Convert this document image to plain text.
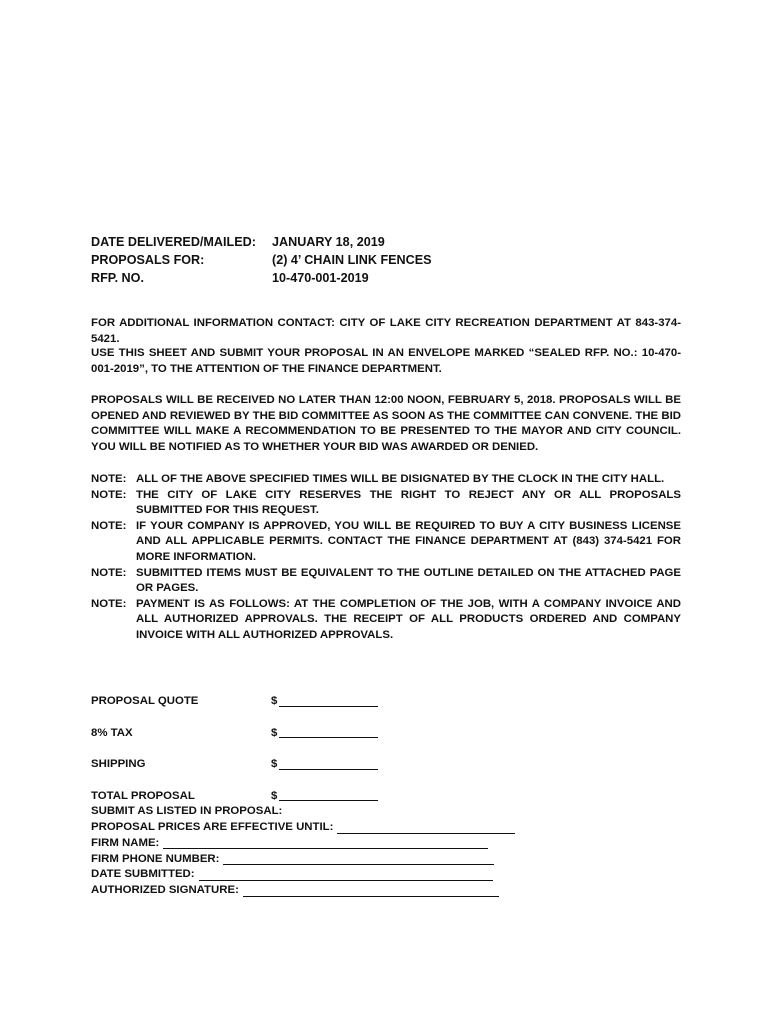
DATE DELIVERED/MAILED:	JANUARY 18, 2019
PROPOSALS FOR:	(2) 4’ CHAIN LINK FENCES
RFP. NO.	10-470-001-2019
FOR ADDITIONAL INFORMATION CONTACT: CITY OF LAKE CITY RECREATION DEPARTMENT AT 843-374-5421.
USE THIS SHEET AND SUBMIT YOUR PROPOSAL IN AN ENVELOPE MARKED “SEALED RFP. NO.: 10-470-001-2019”, TO THE ATTENTION OF THE FINANCE DEPARTMENT.
PROPOSALS WILL BE RECEIVED NO LATER THAN 12:00 NOON, FEBRUARY 5, 2018. PROPOSALS WILL BE OPENED AND REVIEWED BY THE BID COMMITTEE AS SOON AS THE COMMITTEE CAN CONVENE. THE BID COMMITTEE WILL MAKE A RECOMMENDATION TO BE PRESENTED TO THE MAYOR AND CITY COUNCIL. YOU WILL BE NOTIFIED AS TO WHETHER YOUR BID WAS AWARDED OR DENIED.
NOTE: ALL OF THE ABOVE SPECIFIED TIMES WILL BE DISIGNATED BY THE CLOCK IN THE CITY HALL.
NOTE: THE CITY OF LAKE CITY RESERVES THE RIGHT TO REJECT ANY OR ALL PROPOSALS SUBMITTED FOR THIS REQUEST.
NOTE: IF YOUR COMPANY IS APPROVED, YOU WILL BE REQUIRED TO BUY A CITY BUSINESS LICENSE AND ALL APPLICABLE PERMITS. CONTACT THE FINANCE DEPARTMENT AT (843) 374-5421 FOR MORE INFORMATION.
NOTE: SUBMITTED ITEMS MUST BE EQUIVALENT TO THE OUTLINE DETAILED ON THE ATTACHED PAGE OR PAGES.
NOTE: PAYMENT IS AS FOLLOWS: AT THE COMPLETION OF THE JOB, WITH A COMPANY INVOICE AND ALL AUTHORIZED APPROVALS. THE RECEIPT OF ALL PRODUCTS ORDERED AND COMPANY INVOICE WITH ALL AUTHORIZED APPROVALS.
PROPOSAL QUOTE	$
8% TAX	$
SHIPPING	$
TOTAL PROPOSAL	$
SUBMIT AS LISTED IN PROPOSAL:
PROPOSAL PRICES ARE EFFECTIVE UNTIL:
FIRM NAME:
FIRM PHONE NUMBER:
DATE SUBMITTED:
AUTHORIZED SIGNATURE:
